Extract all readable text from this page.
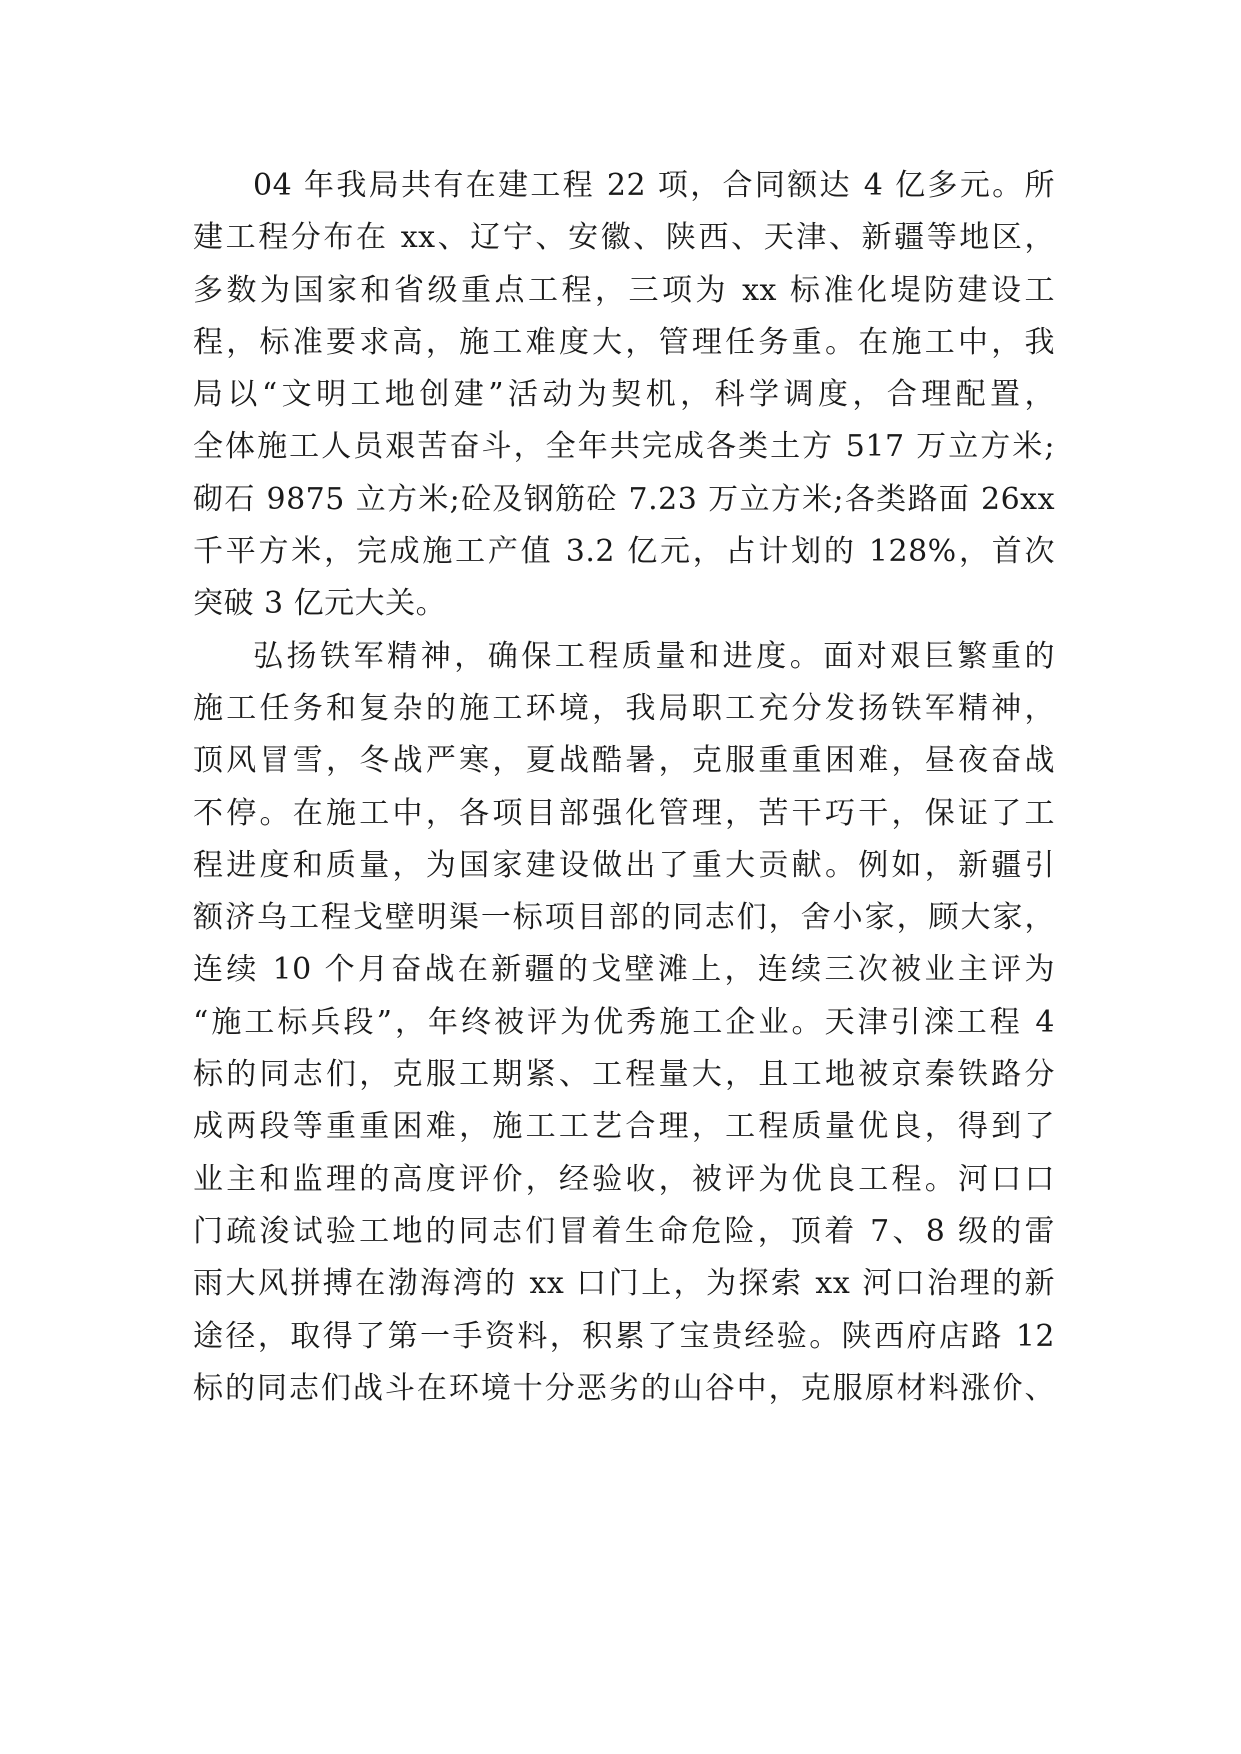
04 年我局共有在建工程 22 项，合同额达 4 亿多元。所
建工程分布在 xx、辽宁、安徽、陕西、天津、新疆等地区，
多数为国家和省级重点工程，三项为 xx 标准化堤防建设工
程，标准要求高，施工难度大，管理任务重。在施工中，我
局以“文明工地创建”活动为契机，科学调度，合理配置，
全体施工人员艰苦奋斗，全年共完成各类土方 517 万立方米;
砌石 9875 立方米;砼及钢筋砼 7.23 万立方米;各类路面 26xx
千平方米，完成施工产值 3.2 亿元，占计划的 128%，首次
突破 3 亿元大关。
弘扬铁军精神，确保工程质量和进度。面对艰巨繁重的
施工任务和复杂的施工环境，我局职工充分发扬铁军精神，
顶风冒雪，冬战严寒，夏战酷暑，克服重重困难，昼夜奋战
不停。在施工中，各项目部强化管理，苦干巧干，保证了工
程进度和质量，为国家建设做出了重大贡献。例如，新疆引
额济乌工程戈壁明渠一标项目部的同志们，舍小家，顾大家，
连续 10 个月奋战在新疆的戈壁滩上，连续三次被业主评为
“施工标兵段”，年终被评为优秀施工企业。天津引滦工程 4
标的同志们，克服工期紧、工程量大，且工地被京秦铁路分
成两段等重重困难，施工工艺合理，工程质量优良，得到了
业主和监理的高度评价，经验收，被评为优良工程。河口口
门疏浚试验工地的同志们冒着生命危险，顶着 7、8 级的雷
雨大风拼搏在渤海湾的 xx 口门上，为探索 xx 河口治理的新
途径，取得了第一手资料，积累了宝贵经验。陕西府店路 12
标的同志们战斗在环境十分恶劣的山谷中，克服原材料涨价、
